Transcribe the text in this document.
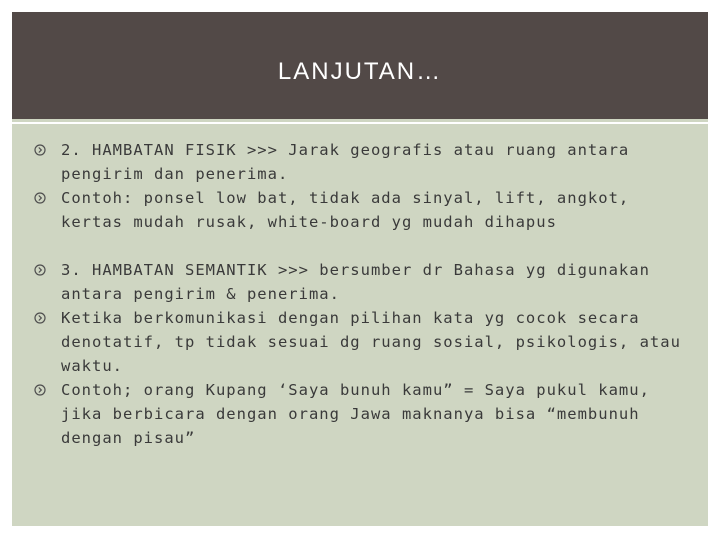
LANJUTAN…
2. HAMBATAN FISIK >>> Jarak geografis atau ruang antara pengirim dan penerima.
Contoh: ponsel low bat, tidak ada sinyal, lift, angkot, kertas mudah rusak, white-board yg mudah dihapus
3. HAMBATAN SEMANTIK >>> bersumber dr Bahasa yg digunakan antara pengirim & penerima.
Ketika berkomunikasi dengan pilihan kata yg cocok secara denotatif, tp tidak sesuai dg ruang sosial, psikologis, atau waktu.
Contoh; orang Kupang ‘Saya bunuh kamu” = Saya pukul kamu, jika berbicara dengan orang Jawa maknanya bisa “membunuh dengan pisau”
